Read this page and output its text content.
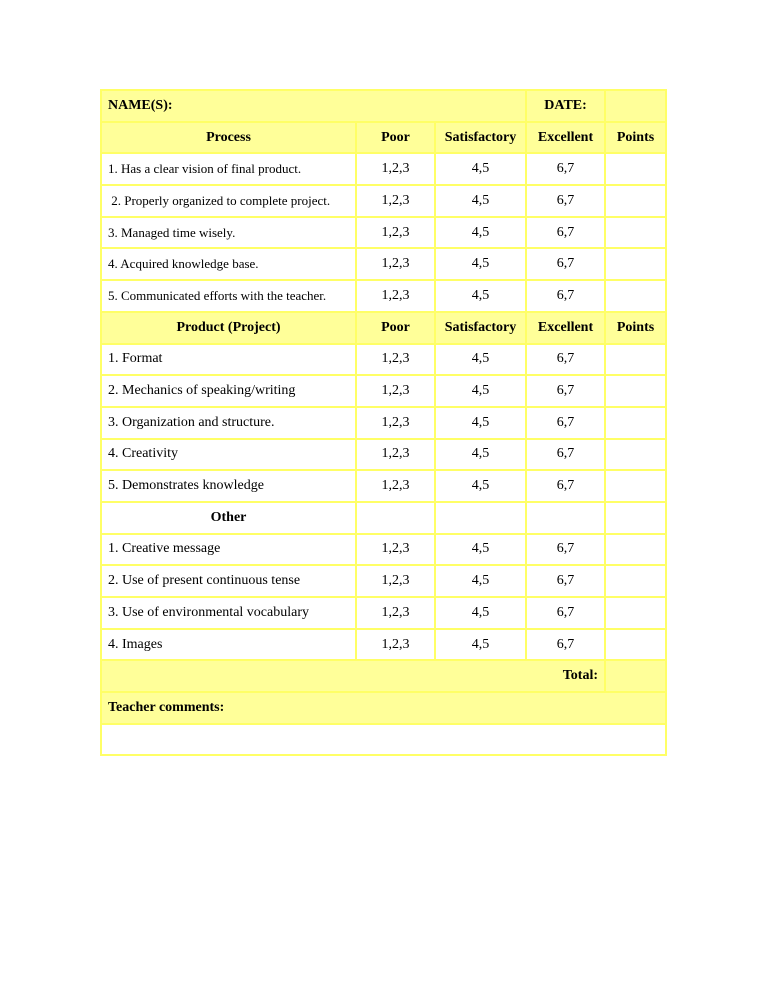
NAME(S):			DATE:	
Process	Poor	Satisfactory	Excellent	Points
1. Has a clear vision of final product.	1,2,3	4,5	6,7	
2. Properly organized to complete project.	1,2,3	4,5	6,7	
3. Managed time wisely.	1,2,3	4,5	6,7	
4. Acquired knowledge base.	1,2,3	4,5	6,7	
5. Communicated efforts with the teacher.	1,2,3	4,5	6,7	
Product (Project)	Poor	Satisfactory	Excellent	Points
1. Format	1,2,3	4,5	6,7	
2. Mechanics of speaking/writing	1,2,3	4,5	6,7	
3. Organization and structure.	1,2,3	4,5	6,7	
4. Creativity	1,2,3	4,5	6,7	
5. Demonstrates knowledge	1,2,3	4,5	6,7	
Other				
1. Creative message	1,2,3	4,5	6,7	
2. Use of present continuous tense	1,2,3	4,5	6,7	
3. Use of environmental vocabulary	1,2,3	4,5	6,7	
4. Images	1,2,3	4,5	6,7	
Total:				
Teacher comments:				
